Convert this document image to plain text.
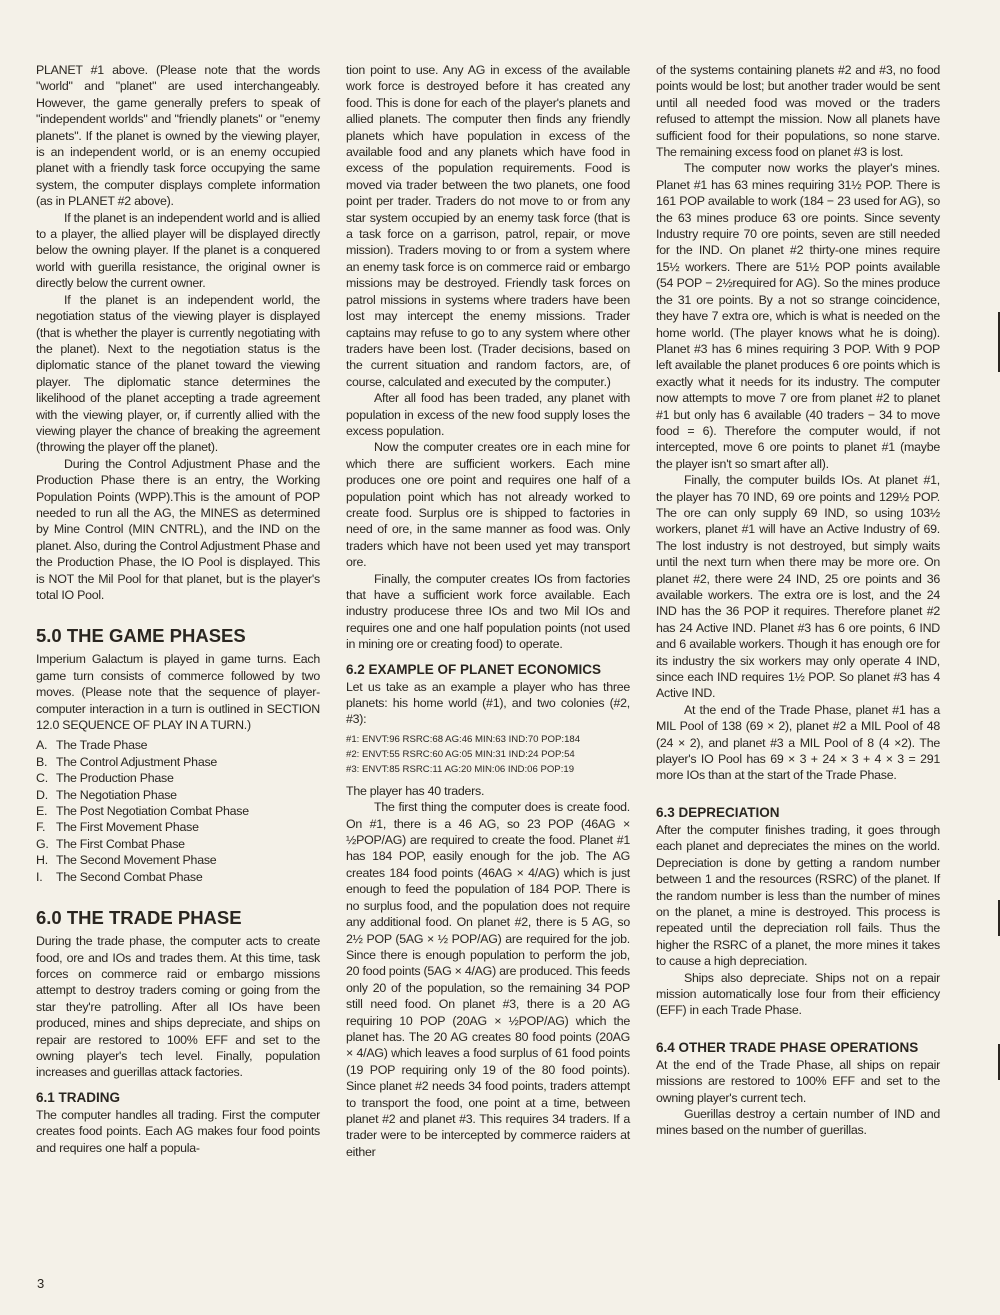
PLANET #1 above. (Please note that the words "world" and "planet" are used interchangeably. However, the game generally prefers to speak of "independent worlds" and "friendly planets" or "enemy planets". If the planet is owned by the viewing player, is an independent world, or is an enemy occupied planet with a friendly task force occupying the same system, the computer displays complete information (as in PLANET #2 above).

If the planet is an independent world and is allied to a player, the allied player will be displayed directly below the owning player. If the planet is a conquered world with guerilla resistance, the original owner is directly below the current owner.

If the planet is an independent world, the negotiation status of the viewing player is displayed (that is whether the player is currently negotiating with the planet). Next to the negotiation status is the diplomatic stance of the planet toward the viewing player. The diplomatic stance determines the likelihood of the planet accepting a trade agreement with the viewing player, or, if currently allied with the viewing player the chance of breaking the agreement (throwing the player off the planet).

During the Control Adjustment Phase and the Production Phase there is an entry, the Working Population Points (WPP).This is the amount of POP needed to run all the AG, the MINES as determined by Mine Control (MIN CNTRL), and the IND on the planet. Also, during the Control Adjustment Phase and the Production Phase, the IO Pool is displayed. This is NOT the Mil Pool for that planet, but is the player's total IO Pool.

5.0 THE GAME PHASES

Imperium Galactum is played in game turns. Each game turn consists of commerce followed by two moves. (Please note that the sequence of player-computer interaction in a turn is outlined in SECTION 12.0 SEQUENCE OF PLAY IN A TURN.)

A. The Trade Phase
B. The Control Adjustment Phase
C. The Production Phase
D. The Negotiation Phase
E. The Post Negotiation Combat Phase
F. The First Movement Phase
G. The First Combat Phase
H. The Second Movement Phase
I.	The Second Combat Phase
6.0 THE TRADE PHASE

During the trade phase, the computer acts to create food, ore and IOs and trades them. At this time, task forces on commerce raid or embargo missions attempt to destroy traders coming or going from the star they're patrolling. After all IOs have been produced, mines and ships depreciate, and ships on repair are restored to 100% EFF and set to the owning player's tech level. Finally, population increases and guerillas attack factories.

6.1 TRADING

The computer handles all trading. First the computer creates food points. Each AG makes four food points and requires one half a popula-

tion point to use. Any AG in excess of the available work force is destroyed before it has created any food. This is done for each of the player's planets and allied planets. The computer then finds any friendly planets which have population in excess of the available food and any planets which have food in excess of the population requirements. Food is moved via trader between the two planets, one food point per trader. Traders do not move to or from any star system occupied by an enemy task force (that is a task force on a garrison, patrol, repair, or move mission). Traders moving to or from a system where an enemy task force is on commerce raid or embargo missions may be destroyed. Friendly task forces on patrol missions in systems where traders have been lost may intercept the enemy missions. Trader captains may refuse to go to any system where other traders have been lost. (Trader decisions, based on the current situation and random factors, are, of course, calculated and executed by the computer.)

After all food has been traded, any planet with population in excess of the new food supply loses the excess population.

Now the computer creates ore in each mine for which there are sufficient workers. Each mine produces one ore point and requires one half of a population point which has not already worked to create food. Surplus ore is shipped to factories in need of ore, in the same manner as food was. Only traders which have not been used yet may transport ore.

Finally, the computer creates IOs from factories that have a sufficient work force available. Each industry producese three IOs and two Mil IOs and requires one and one half population points (not used in mining ore or creating food) to operate.

6.2 EXAMPLE OF PLANET ECONOMICS

Let us take as an example a player who has three planets: his home world (#1), and two colonies (#2, #3):

#1: ENVT:96 RSRC:68 AG:46 MIN:63 IND:70 POP:184
#2: ENVT:55 RSRC:60 AG:05 MIN:31 IND:24 POP:54
#3: ENVT:85 RSRC:11 AG:20 MIN:06 IND:06 POP:19

The player has 40 traders.

The first thing the computer does is create food. On #1, there is a 46 AG, so 23 POP (46AG × ½POP/AG) are required to create the food. Planet #1 has 184 POP, easily enough for the job. The AG creates 184 food points (46AG × 4/AG) which is just enough to feed the population of 184 POP. There is no surplus food, and the population does not require any additional food. On planet #2, there is 5 AG, so 2½ POP (5AG × ½ POP/AG) are required for the job. Since there is enough population to perform the job, 20 food points (5AG × 4/AG) are produced. This feeds only 20 of the population, so the remaining 34 POP still need food. On planet #3, there is a 20 AG requiring 10 POP (20AG × ½POP/AG) which the planet has. The 20 AG creates 80 food points (20AG × 4/AG) which leaves a food surplus of 61 food points (19 POP requiring only 19 of the 80 food points). Since planet #2 needs 34 food points, traders attempt to transport the food, one point at a time, between planet #2 and planet #3. This requires 34 traders. If a trader were to be intercepted by commerce raiders at either

of the systems containing planets #2 and #3, no food points would be lost; but another trader would be sent until all needed food was moved or the traders refused to attempt the mission. Now all planets have sufficient food for their populations, so none starve. The remaining excess food on planet #3 is lost.

The computer now works the player's mines. Planet #1 has 63 mines requiring 31½ POP. There is 161 POP available to work (184 − 23 used for AG), so the 63 mines produce 63 ore points. Since seventy Industry require 70 ore points, seven are still needed for the IND. On planet #2 thirty-one mines require 15½ workers. There are 51½ POP points available (54 POP − 2½required for AG). So the mines produce the 31 ore points. By a not so strange coincidence, they have 7 extra ore, which is what is needed on the home world. (The player knows what he is doing). Planet #3 has 6 mines requiring 3 POP. With 9 POP left available the planet produces 6 ore points which is exactly what it needs for its industry. The computer now attempts to move 7 ore from planet #2 to planet #1 but only has 6 available (40 traders − 34 to move food = 6). Therefore the computer would, if not intercepted, move 6 ore points to planet #1 (maybe the player isn't so smart after all).

Finally, the computer builds IOs. At planet #1, the player has 70 IND, 69 ore points and 129½ POP. The ore can only supply 69 IND, so using 103½ workers, planet #1 will have an Active Industry of 69. The lost industry is not destroyed, but simply waits until the next turn when there may be more ore. On planet #2, there were 24 IND, 25 ore points and 36 available workers. The extra ore is lost, and the 24 IND has the 36 POP it requires. Therefore planet #2 has 24 Active IND. Planet #3 has 6 ore points, 6 IND and 6 available workers. Though it has enough ore for its industry the six workers may only operate 4 IND, since each IND requires 1½ POP. So planet #3 has 4 Active IND.

At the end of the Trade Phase, planet #1 has a MIL Pool of 138 (69 × 2), planet #2 a MIL Pool of 48 (24 × 2), and planet #3 a MIL Pool of 8 (4 ×2). The player's IO Pool has 69 × 3 + 24 × 3 + 4 × 3 = 291 more IOs than at the start of the Trade Phase.

6.3 DEPRECIATION

After the computer finishes trading, it goes through each planet and depreciates the mines on the world. Depreciation is done by getting a random number between 1 and the resources (RSRC) of the planet. If the random number is less than the number of mines on the planet, a mine is destroyed. This process is repeated until the depreciation roll fails. Thus the higher the RSRC of a planet, the more mines it takes to cause a high depreciation.

Ships also depreciate. Ships not on a repair mission automatically lose four from their efficiency (EFF) in each Trade Phase.

6.4 OTHER TRADE PHASE OPERATIONS

At the end of the Trade Phase, all ships on repair missions are restored to 100% EFF and set to the owning player's current tech.

Guerillas destroy a certain number of IND and mines based on the number of guerillas.

3
